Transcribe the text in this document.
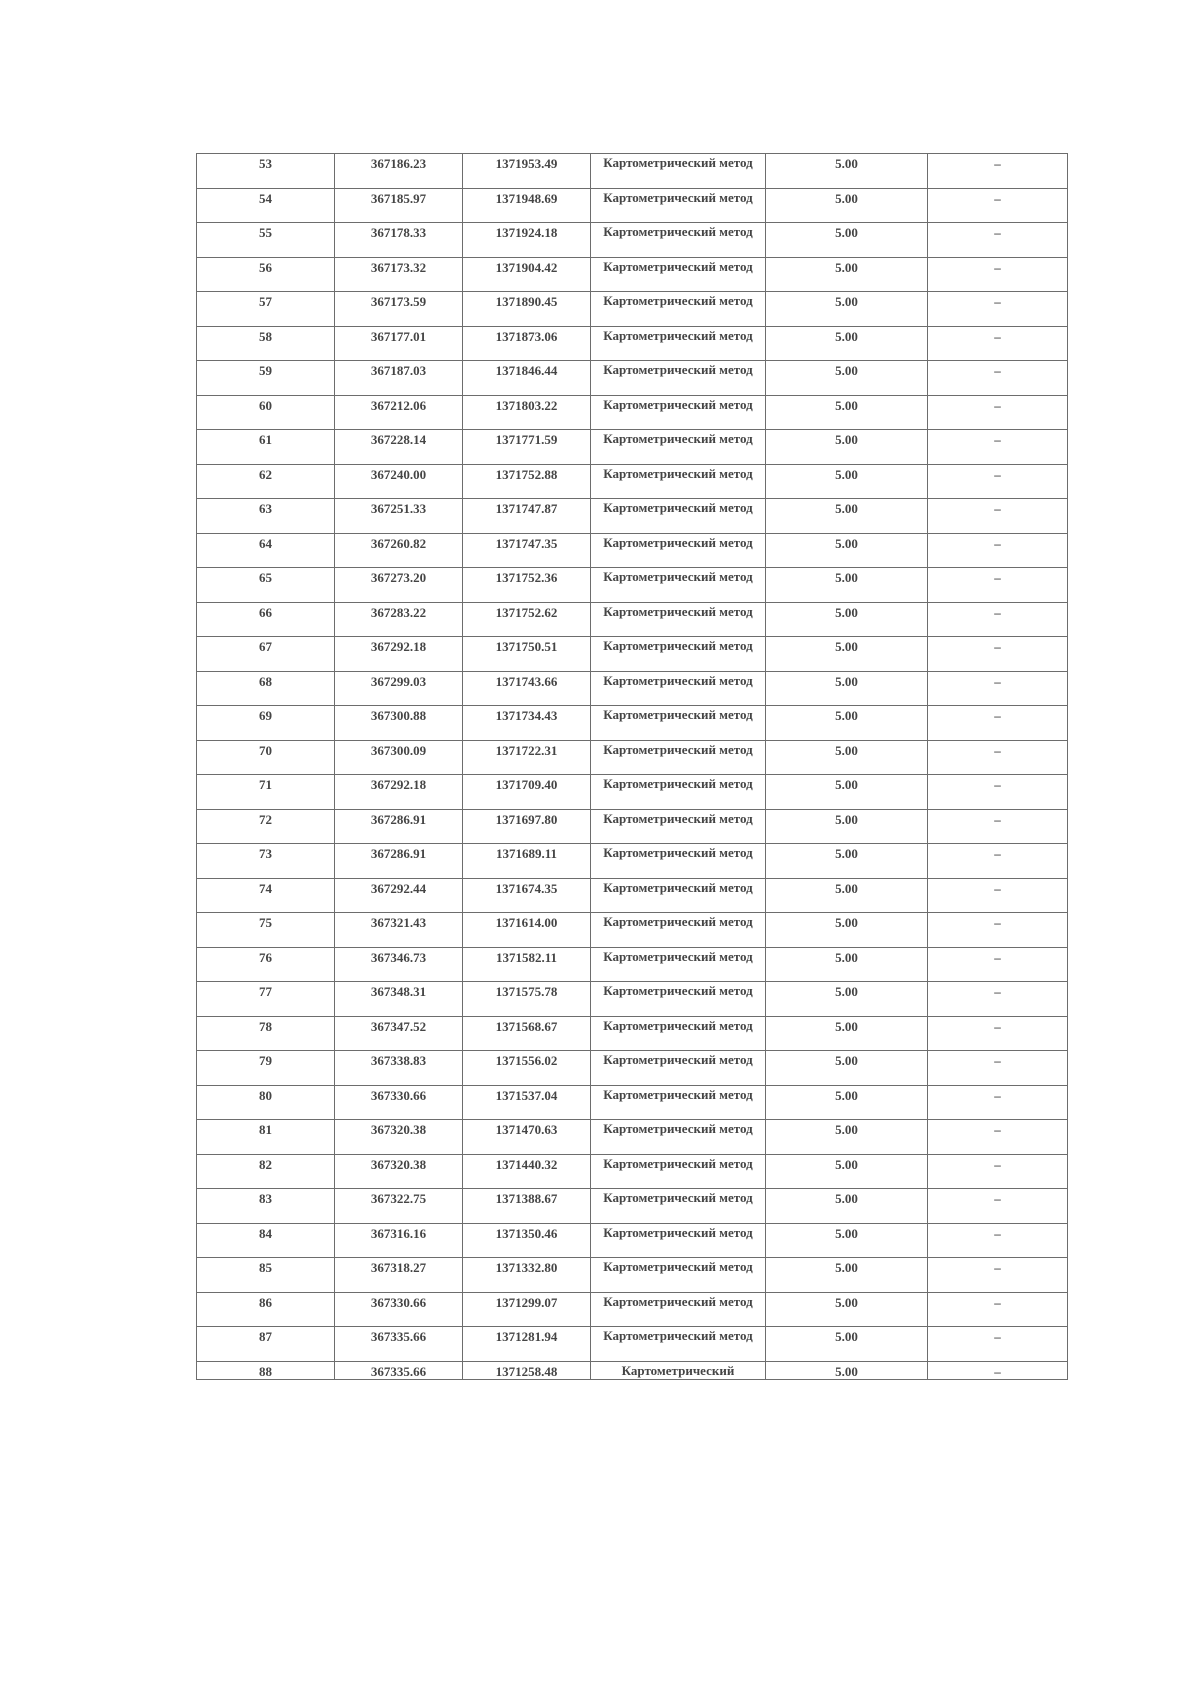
53	367186.23	1371953.49	Картометрический метод	5.00	–

54	367185.97	1371948.69	Картометрический метод	5.00	–

55	367178.33	1371924.18	Картометрический метод	5.00	–

56	367173.32	1371904.42	Картометрический метод	5.00	–

57	367173.59	1371890.45	Картометрический метод	5.00	–

58	367177.01	1371873.06	Картометрический метод	5.00	–

59	367187.03	1371846.44	Картометрический метод	5.00	–

60	367212.06	1371803.22	Картометрический метод	5.00	–

61	367228.14	1371771.59	Картометрический метод	5.00	–

62	367240.00	1371752.88	Картометрический метод	5.00	–

63	367251.33	1371747.87	Картометрический метод	5.00	–

64	367260.82	1371747.35	Картометрический метод	5.00	–

65	367273.20	1371752.36	Картометрический метод	5.00	–

66	367283.22	1371752.62	Картометрический метод	5.00	–

67	367292.18	1371750.51	Картометрический метод	5.00	–

68	367299.03	1371743.66	Картометрический метод	5.00	–

69	367300.88	1371734.43	Картометрический метод	5.00	–

70	367300.09	1371722.31	Картометрический метод	5.00	–

71	367292.18	1371709.40	Картометрический метод	5.00	–

72	367286.91	1371697.80	Картометрический метод	5.00	–

73	367286.91	1371689.11	Картометрический метод	5.00	–

74	367292.44	1371674.35	Картометрический метод	5.00	–

75	367321.43	1371614.00	Картометрический метод	5.00	–

76	367346.73	1371582.11	Картометрический метод	5.00	–

77	367348.31	1371575.78	Картометрический метод	5.00	–

78	367347.52	1371568.67	Картометрический метод	5.00	–

79	367338.83	1371556.02	Картометрический метод	5.00	–

80	367330.66	1371537.04	Картометрический метод	5.00	–

81	367320.38	1371470.63	Картометрический метод	5.00	–

82	367320.38	1371440.32	Картометрический метод	5.00	–

83	367322.75	1371388.67	Картометрический метод	5.00	–

84	367316.16	1371350.46	Картометрический метод	5.00	–

85	367318.27	1371332.80	Картометрический метод	5.00	–

86	367330.66	1371299.07	Картометрический метод	5.00	–

87	367335.66	1371281.94	Картометрический метод	5.00	–

88	367335.66	1371258.48	Картометрический	5.00	–
